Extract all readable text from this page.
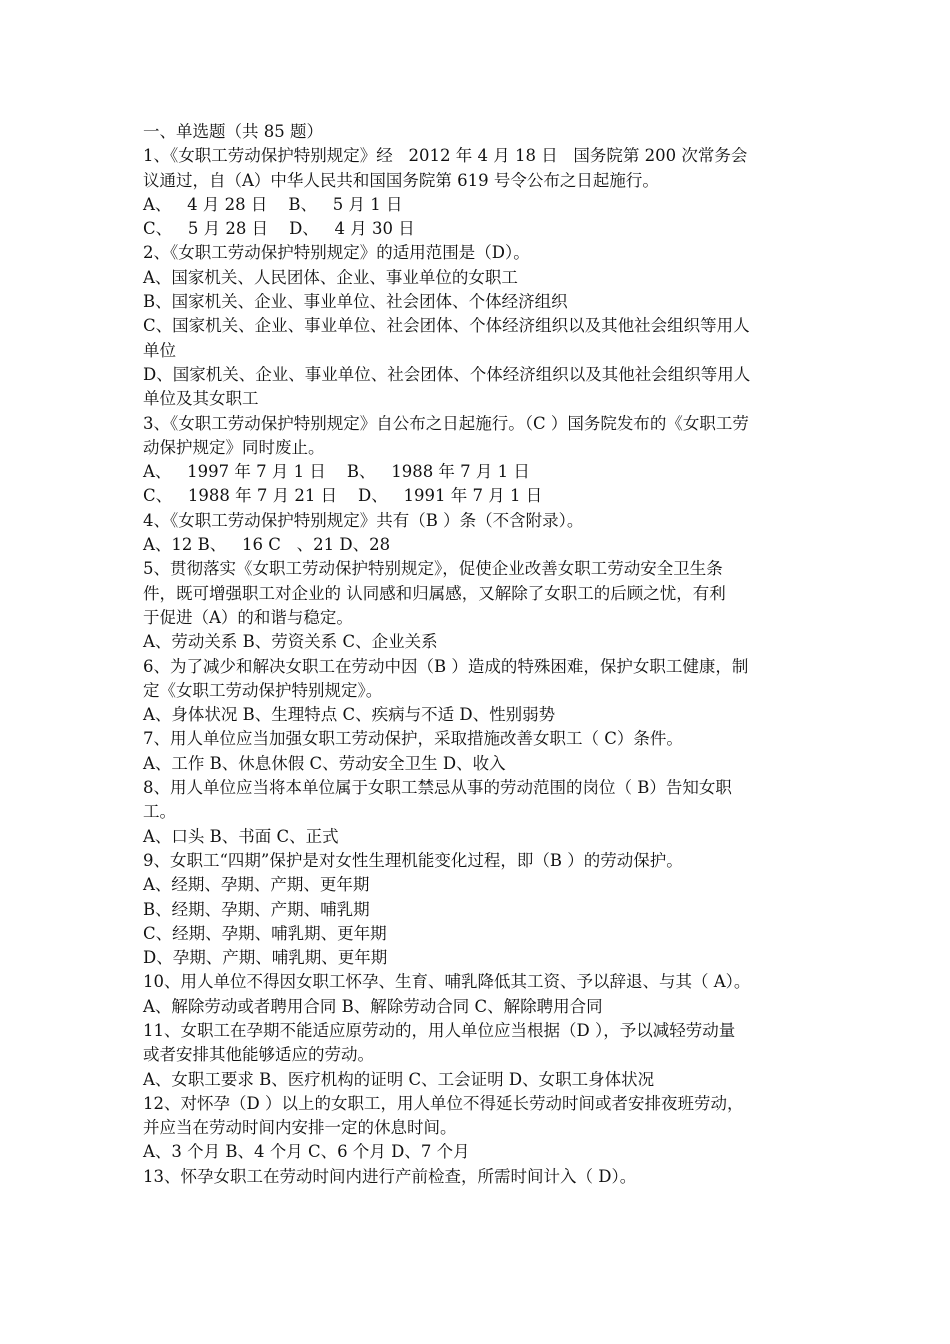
一、单选题（共 85 题）
1、《女职工劳动保护特别规定》经   2012 年 4 月 18 日   国务院第 200 次常务会
议通过，自（A）中华人民共和国国务院第 619 号令公布之日起施行。
A、   4 月 28 日    B、   5 月 1 日
C、   5 月 28 日    D、   4 月 30 日
2、《女职工劳动保护特别规定》的适用范围是（D）。
A、国家机关、人民团体、企业、事业单位的女职工
B、国家机关、企业、事业单位、社会团体、个体经济组织
C、国家机关、企业、事业单位、社会团体、个体经济组织以及其他社会组织等用人
单位
D、国家机关、企业、事业单位、社会团体、个体经济组织以及其他社会组织等用人
单位及其女职工
3、《女职工劳动保护特别规定》自公布之日起施行。（C ）国务院发布的《女职工劳
动保护规定》同时废止。
A、   1997 年 7 月 1 日    B、   1988 年 7 月 1 日
C、   1988 年 7 月 21 日    D、   1991 年 7 月 1 日
4、《女职工劳动保护特别规定》共有（B ）条（不含附录）。
A、12 B、   16 C   、21 D、28
5、贯彻落实《女职工劳动保护特别规定》，促使企业改善女职工劳动安全卫生条
件，既可增强职工对企业的 认同感和归属感，又解除了女职工的后顾之忧，有利
于促进（A）的和谐与稳定。
A、劳动关系 B、劳资关系 C、企业关系
6、为了减少和解决女职工在劳动中因（B ）造成的特殊困难，保护女职工健康，制
定《女职工劳动保护特别规定》。
A、身体状况 B、生理特点 C、疾病与不适 D、性别弱势
7、用人单位应当加强女职工劳动保护，采取措施改善女职工（ C）条件。
A、工作 B、休息休假 C、劳动安全卫生 D、收入
8、用人单位应当将本单位属于女职工禁忌从事的劳动范围的岗位（ B）告知女职
工。
A、口头 B、书面 C、正式
9、女职工“四期”保护是对女性生理机能变化过程，即（B ）的劳动保护。
A、经期、孕期、产期、更年期
B、经期、孕期、产期、哺乳期
C、经期、孕期、哺乳期、更年期
D、孕期、产期、哺乳期、更年期
10、用人单位不得因女职工怀孕、生育、哺乳降低其工资、予以辞退、与其（ A）。
A、解除劳动或者聘用合同 B、解除劳动合同 C、解除聘用合同
11、女职工在孕期不能适应原劳动的，用人单位应当根据（D ），予以减轻劳动量
或者安排其他能够适应的劳动。
A、女职工要求 B、医疗机构的证明 C、工会证明 D、女职工身体状况
12、对怀孕（D ）以上的女职工，用人单位不得延长劳动时间或者安排夜班劳动，
并应当在劳动时间内安排一定的休息时间。
A、3 个月 B、4 个月 C、6 个月 D、7 个月
13、怀孕女职工在劳动时间内进行产前检查，所需时间计入（ D）。
